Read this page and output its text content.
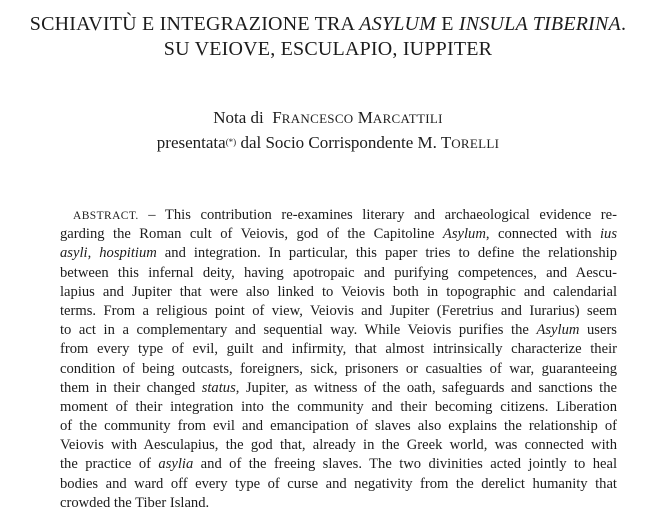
SCHIAVITÙ E INTEGRAZIONE TRA ASYLUM E INSULA TIBERINA.
SU VEIOVE, ESCULAPIO, IUPPITER
Nota di FRANCESCO MARCATTILI
presentata(*) dal Socio Corrispondente M. TORELLI
ABSTRACT. – This contribution re-examines literary and archaeological evidence re-
garding the Roman cult of Veiovis, god of the Capitoline Asylum, connected with ius
asyli, hospitium and integration. In particular, this paper tries to define the relationship
between this infernal deity, having apotropaic and purifying competences, and Aescu-
lapius and Jupiter that were also linked to Veiovis both in topographic and calendarial
terms. From a religious point of view, Veiovis and Jupiter (Feretrius and Iurarius) seem
to act in a complementary and sequential way. While Veiovis purifies the Asylum users
from every type of evil, guilt and infirmity, that almost intrinsically characterize their
condition of being outcasts, foreigners, sick, prisoners or casualties of war, guaranteeing
them in their changed status, Jupiter, as witness of the oath, safeguards and sanctions the
moment of their integration into the community and their becoming citizens. Liberation
of the community from evil and emancipation of slaves also explains the relationship of
Veiovis with Aesculapius, the god that, already in the Greek world, was connected with
the practice of asylia and of the freeing slaves. The two divinities acted jointly to heal
bodies and ward off every type of curse and negativity from the derelict humanity that
crowded the Tiber Island.
